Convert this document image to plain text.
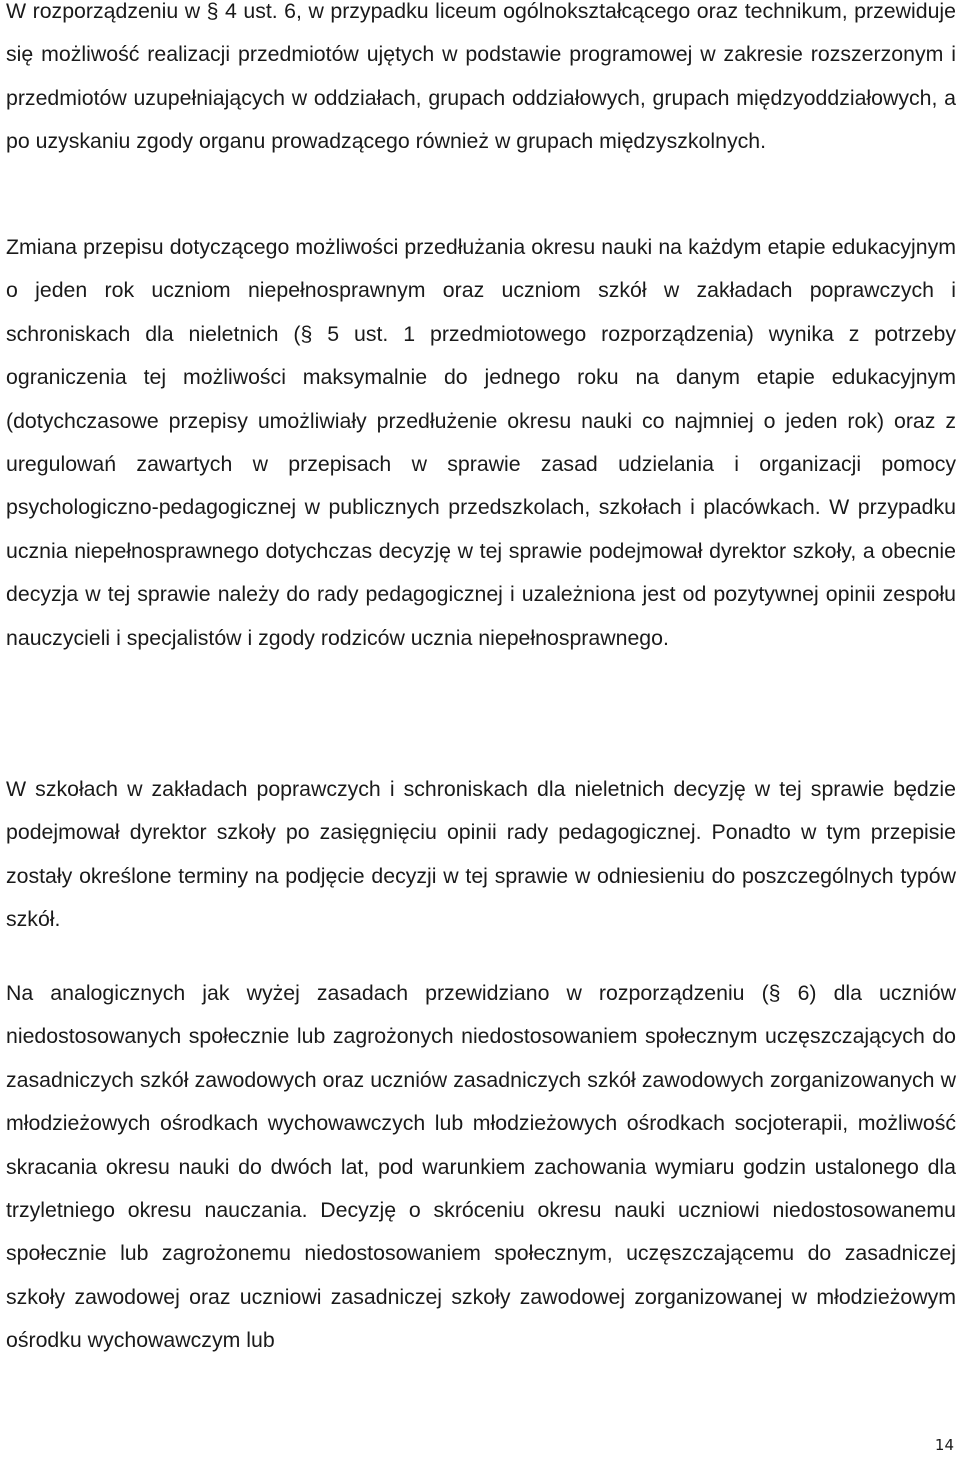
W rozporządzeniu w § 4 ust. 6, w przypadku liceum ogólnokształcącego oraz technikum, przewiduje się możliwość realizacji przedmiotów ujętych w podstawie programowej w zakresie rozszerzonym i przedmiotów uzupełniających w oddziałach, grupach oddziałowych, grupach międzyoddziałowych, a po uzyskaniu zgody organu prowadzącego również w grupach międzyszkolnych.

Zmiana przepisu dotyczącego możliwości przedłużania okresu nauki na każdym etapie edukacyjnym o jeden rok uczniom niepełnosprawnym oraz uczniom szkół w zakładach poprawczych i schroniskach dla nieletnich (§ 5 ust. 1 przedmiotowego rozporządzenia) wynika z potrzeby ograniczenia tej możliwości maksymalnie do jednego roku na danym etapie edukacyjnym (dotychczasowe przepisy umożliwiały przedłużenie okresu nauki co najmniej o jeden rok) oraz z uregulowań zawartych w przepisach w sprawie zasad udzielania i organizacji pomocy psychologiczno-pedagogicznej w publicznych przedszkolach, szkołach i placówkach. W przypadku ucznia niepełnosprawnego dotychczas decyzję w tej sprawie podejmował dyrektor szkoły, a obecnie decyzja w tej sprawie należy do rady pedagogicznej i uzależniona jest od pozytywnej opinii zespołu nauczycieli i specjalistów i zgody rodziców ucznia niepełnosprawnego.

W szkołach w zakładach poprawczych i schroniskach dla nieletnich decyzję w tej sprawie będzie podejmował dyrektor szkoły po zasięgnięciu opinii rady pedagogicznej. Ponadto w tym przepisie zostały określone terminy na podjęcie decyzji w tej sprawie w odniesieniu do poszczególnych typów szkół.

Na analogicznych jak wyżej zasadach przewidziano w rozporządzeniu (§ 6) dla uczniów niedostosowanych społecznie lub zagrożonych niedostosowaniem społecznym uczęszczających do zasadniczych szkół zawodowych oraz uczniów zasadniczych szkół zawodowych zorganizowanych w młodzieżowych ośrodkach wychowawczych lub młodzieżowych ośrodkach socjoterapii, możliwość skracania okresu nauki do dwóch lat, pod warunkiem zachowania wymiaru godzin ustalonego dla trzyletniego okresu nauczania. Decyzję o skróceniu okresu nauki uczniowi niedostosowanemu społecznie lub zagrożonemu niedostosowaniem społecznym, uczęszczającemu do zasadniczej szkoły zawodowej oraz uczniowi zasadniczej szkoły zawodowej zorganizowanej w młodzieżowym ośrodku wychowawczym lub

14
